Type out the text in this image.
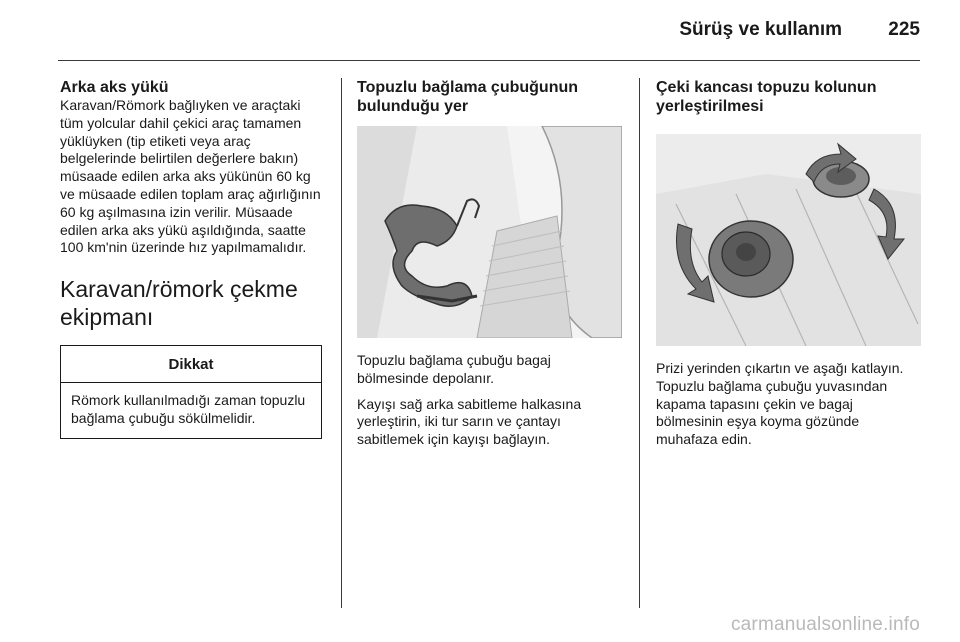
Sürüş ve kullanım 225
Arka aks yükü

Karavan/Römork bağlıyken ve araçtaki tüm yolcular dahil çekici araç tamamen yüklüyken (tip etiketi veya araç belgelerinde belirtilen değerlere bakın) müsaade edilen arka aks yükünün 60 kg ve müsaade edilen toplam araç ağırlığının 60 kg aşılmasına izin verilir. Müsaade edilen arka aks yükü aşıldığında, saatte 100 km'nin üzerinde hız yapılmamalıdır.

Karavan/römork çekme ekipmanı
Dikkat
Römork kullanılmadığı zaman topuzlu bağlama çubuğu sökülmelidir.
Topuzlu bağlama çubuğunun bulunduğu yer

Topuzlu bağlama çubuğu bagaj bölmesinde depolanır.

Kayışı sağ arka sabitleme halkasına yerleştirin, iki tur sarın ve çantayı sabitlemek için kayışı bağlayın.

Çeki kancası topuzu kolunun yerleştirilmesi

Prizi yerinden çıkartın ve aşağı katlayın. Topuzlu bağlama çubuğu yuvasından kapama tapasını çekin ve bagaj bölmesinin eşya koyma gözünde muhafaza edin.

carmanualsonline.info
